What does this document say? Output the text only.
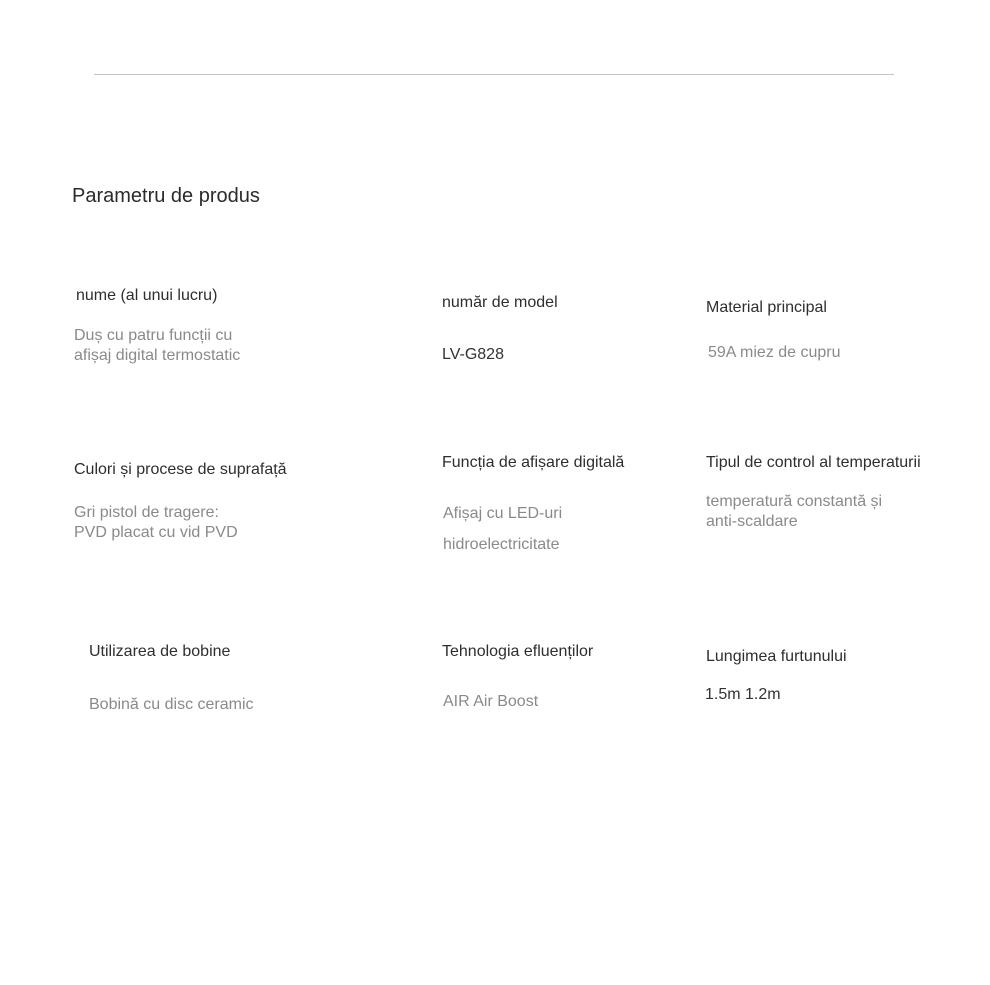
Parametru de produs
nume (al unui lucru)
Duș cu patru funcții cu
afișaj digital termostatic
număr de model
LV-G828
Material principal
59A miez de cupru
Culori și procese de suprafață
Gri pistol de tragere:
PVD placat cu vid PVD
Funcția de afișare digitală
Afișaj cu LED-uri
hidroelectricitate
Tipul de control al temperaturii
temperatură constantă și
anti-scaldare
Utilizarea de bobine
Bobină cu disc ceramic
Tehnologia efluenților
AIR Air Boost
Lungimea furtunului
1.5m 1.2m
